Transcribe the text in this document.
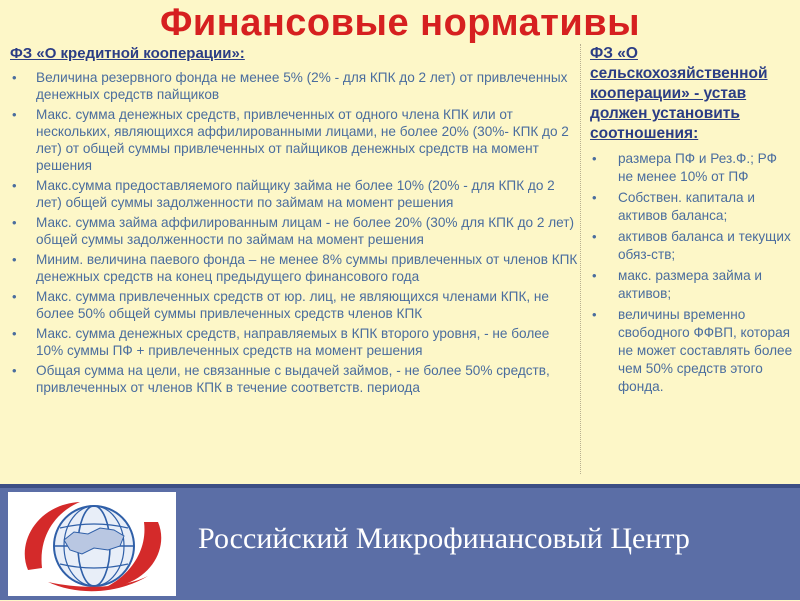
Финансовые нормативы
ФЗ «О кредитной кооперации»:
• Величина резервного фонда не менее 5% (2% - для КПК до 2 лет) от привлеченных денежных средств пайщиков
• Макс. сумма денежных средств, привлеченных от одного члена КПК или от нескольких, являющихся аффилированными лицами, не более 20% (30%- КПК до 2 лет) от общей суммы привлеченных от пайщиков денежных средств на момент решения
• Макс.сумма предоставляемого пайщику займа не более 10% (20% - для КПК до 2 лет) общей суммы задолженности по займам на момент решения
• Макс. сумма займа аффилированным лицам - не более 20% (30% для КПК до 2 лет) общей суммы задолженности по займам на момент решения
• Миним. величина паевого фонда – не менее 8% суммы привлеченных от членов КПК денежных средств на конец предыдущего финансового года
• Макс. сумма привлеченных средств от юр. лиц, не являющихся членами КПК, не более 50% общей суммы привлеченных средств членов КПК
• Макс. сумма денежных средств, направляемых в КПК второго уровня, - не более 10% суммы ПФ + привлеченных средств на момент решения
• Общая сумма на цели, не связанные с выдачей займов, - не более 50% средств, привлеченных от членов КПК в течение соответств. периода
ФЗ «О сельскохозяйственной кооперации» - устав должен установить соотношения:
• размера ПФ и Рез.Ф.; РФ не менее 10% от ПФ
• Собствен. капитала и активов баланса;
• активов баланса и текущих обяз-ств;
• макс. размера займа и активов;
• величины временно свободного ФФВП, которая не может составлять более чем 50% средств этого фонда.
Российский Микрофинансовый Центр
